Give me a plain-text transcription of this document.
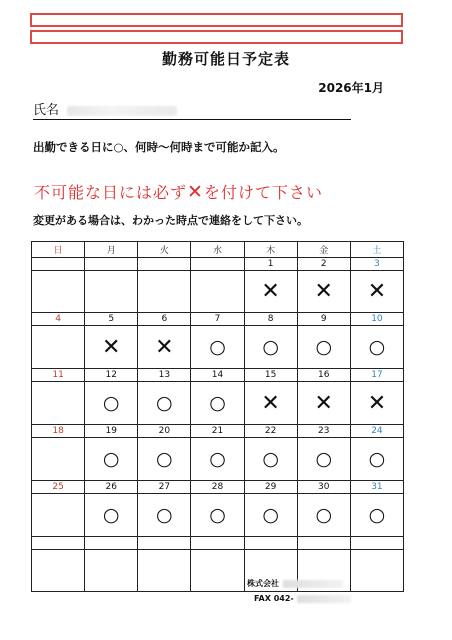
勤務可能日予定表
2026年1月
氏名
出勤できる日に○、何時〜何時まで可能か記入。
不可能な日には必ず✕を付けて下さい
変更がある場合は、わかった時点で連絡をして下さい。
日	月	火	水	木	金	土
				1	2	3
				✕	✕	✕
4	5	6	7	8	9	10
	✕	✕	○	○	○	○
11	12	13	14	15	16	17
	○	○	○	✕	✕	✕
18	19	20	21	22	23	24
	○	○	○	○	○	○
25	26	27	28	29	30	31
	○	○	○	○	○	○

株式会社
FAX 042-
